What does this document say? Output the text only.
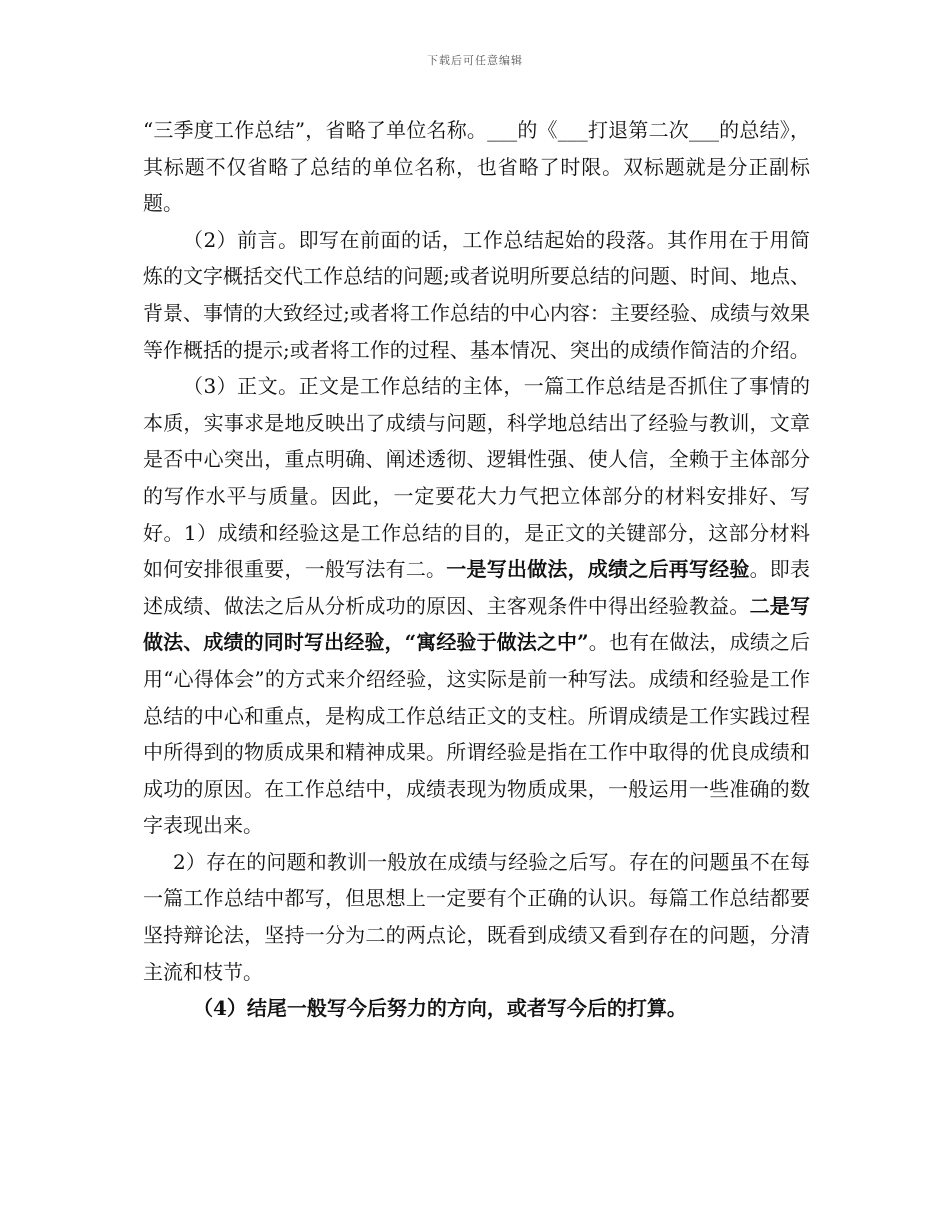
下载后可任意编辑

“三季度工作总结”，省略了单位名称。___的《___打退第二次___的总结》，其标题不仅省略了总结的单位名称，也省略了时限。双标题就是分正副标题。

（2）前言。即写在前面的话，工作总结起始的段落。其作用在于用简炼的文字概括交代工作总结的问题;或者说明所要总结的问题、时间、地点、背景、事情的大致经过;或者将工作总结的中心内容：主要经验、成绩与效果等作概括的提示;或者将工作的过程、基本情况、突出的成绩作简洁的介绍。

（3）正文。正文是工作总结的主体，一篇工作总结是否抓住了事情的本质，实事求是地反映出了成绩与问题，科学地总结出了经验与教训，文章是否中心突出，重点明确、阐述透彻、逻辑性强、使人信，全赖于主体部分的写作水平与质量。因此，一定要花大力气把立体部分的材料安排好、写好。1）成绩和经验这是工作总结的目的，是正文的关键部分，这部分材料如何安排很重要，一般写法有二。一是写出做法，成绩之后再写经验。即表述成绩、做法之后从分析成功的原因、主客观条件中得出经验教益。二是写做法、成绩的同时写出经验，“寓经验于做法之中”。也有在做法，成绩之后用“心得体会”的方式来介绍经验，这实际是前一种写法。成绩和经验是工作总结的中心和重点，是构成工作总结正文的支柱。所谓成绩是工作实践过程中所得到的物质成果和精神成果。所谓经验是指在工作中取得的优良成绩和成功的原因。在工作总结中，成绩表现为物质成果，一般运用一些准确的数字表现出来。

2）存在的问题和教训一般放在成绩与经验之后写。存在的问题虽不在每一篇工作总结中都写，但思想上一定要有个正确的认识。每篇工作总结都要坚持辩论法，坚持一分为二的两点论，既看到成绩又看到存在的问题，分清主流和枝节。

（4）结尾一般写今后努力的方向，或者写今后的打算。
